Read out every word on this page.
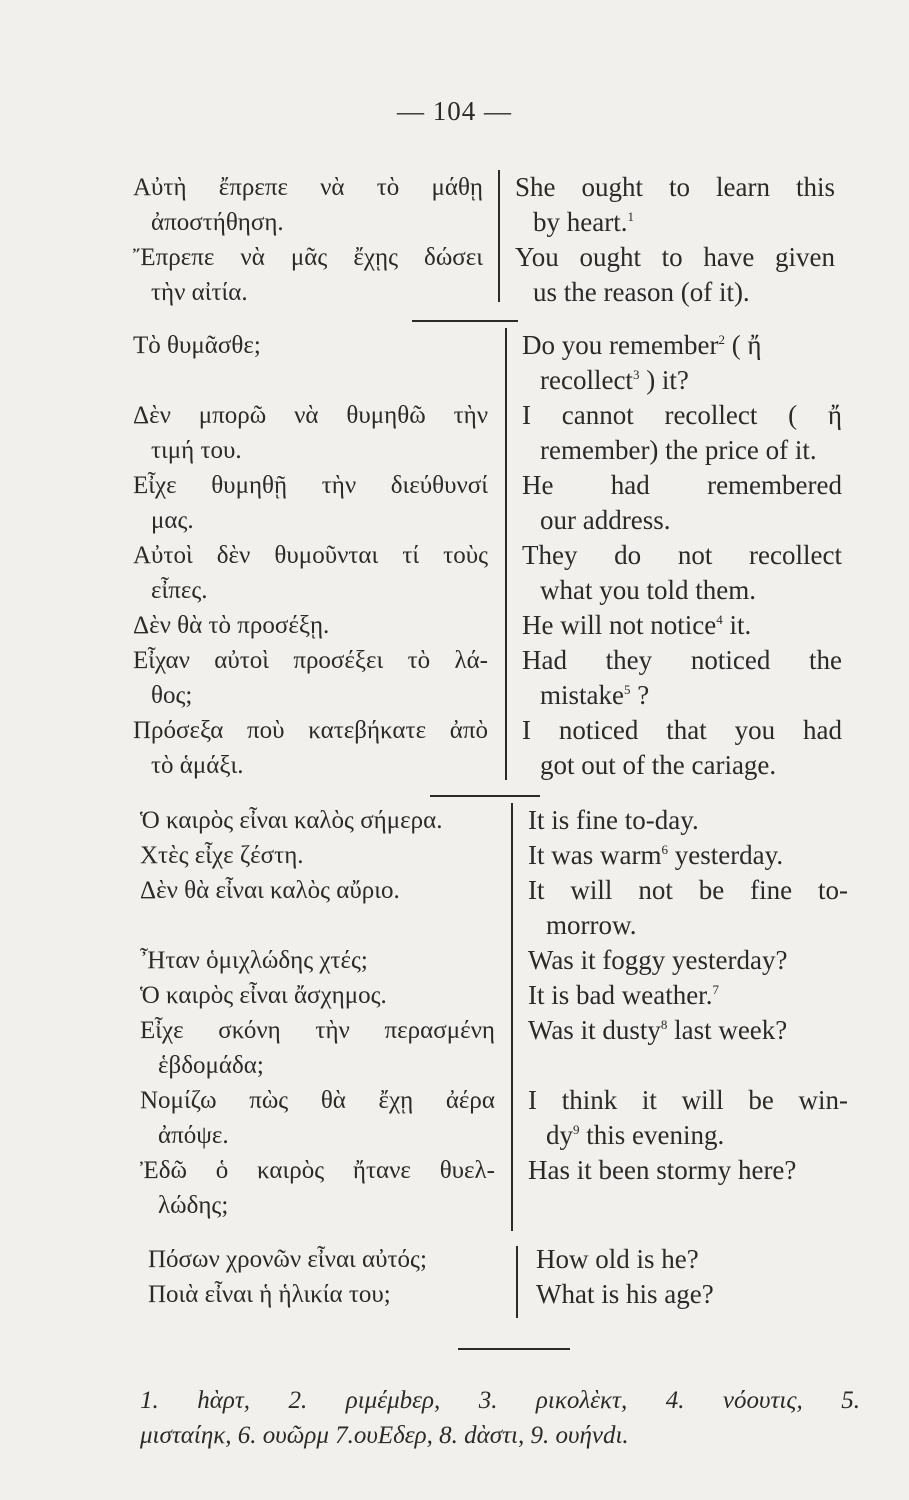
— 104 —
Αὐτὴ ἔπρεπε νὰ τὸ μάθῃ
ἀποστήθηση.
Ἔπρεπε νὰ μᾶς ἔχῃς δώσει
τὴν αἰτία.
She ought to learn this
by heart.$^1$
You ought to have given
us the reason (of it).
Τὸ θυμᾶσθε;
Δὲν μπορῶ νὰ θυμηθῶ τὴν
τιμή του.
Εἶχε θυμηθῇ τὴν διεύθυνσί
μας.
Αὐτοὶ δὲν θυμοῦνται τί τοὺς
εἶπες.
Δὲν θὰ τὸ προσέξῃ.
Εἶχαν αὐτοὶ προσέξει τὸ λά-
θος;
Πρόσεξα ποὺ κατεβήκατε ἀπὸ
τὸ ἁμάξι.
Do you remember$^2$ ( ἤ
recollect$^3$ ) it?
I cannot recollect ( ἤ
remember) the price of it.
He had remembered
our address.
They do not recollect
what you told them.
He will not notice$^4$ it.
Had they noticed the
mistake$^5$ ?
I noticed that you had
got out of the cariage.
Ὁ καιρὸς εἶναι καλὸς σήμερα.
Χτὲς εἶχε ζέστη.
Δὲν θὰ εἶναι καλὸς αὔριο.
Ἦταν ὁμιχλώδης χτές;
Ὁ καιρὸς εἶναι ἄσχημος.
Εἶχε σκόνη τὴν περασμένη
ἑβδομάδα;
Νομίζω πὼς θὰ ἔχῃ ἀέρα
ἀπόψε.
Ἐδῶ ὁ καιρὸς ἤτανε θυελ-
λώδης;
It is fine to-day.
It was warm$^6$ yesterday.
It will not be fine to-
morrow.
Was it foggy yesterday?
It is bad weather.$^7$
Was it dusty$^8$ last week?
I think it will be win-
$dy^9$ this evening.
Has it been stormy here?
Πόσων χρονῶν εἶναι αὐτός;
Ποιὰ εἶναι ἡ ἡλικία του;
How old is he?
What is his age?
1. hὰρτ, 2. ριμέμbερ, 3. ρικολὲκτ, 4. νόουτις, 5.
μισταίηκ, 6. ουῶρμ 7.ουΕδερ, 8. dὰστι, 9. ουήνdι.
